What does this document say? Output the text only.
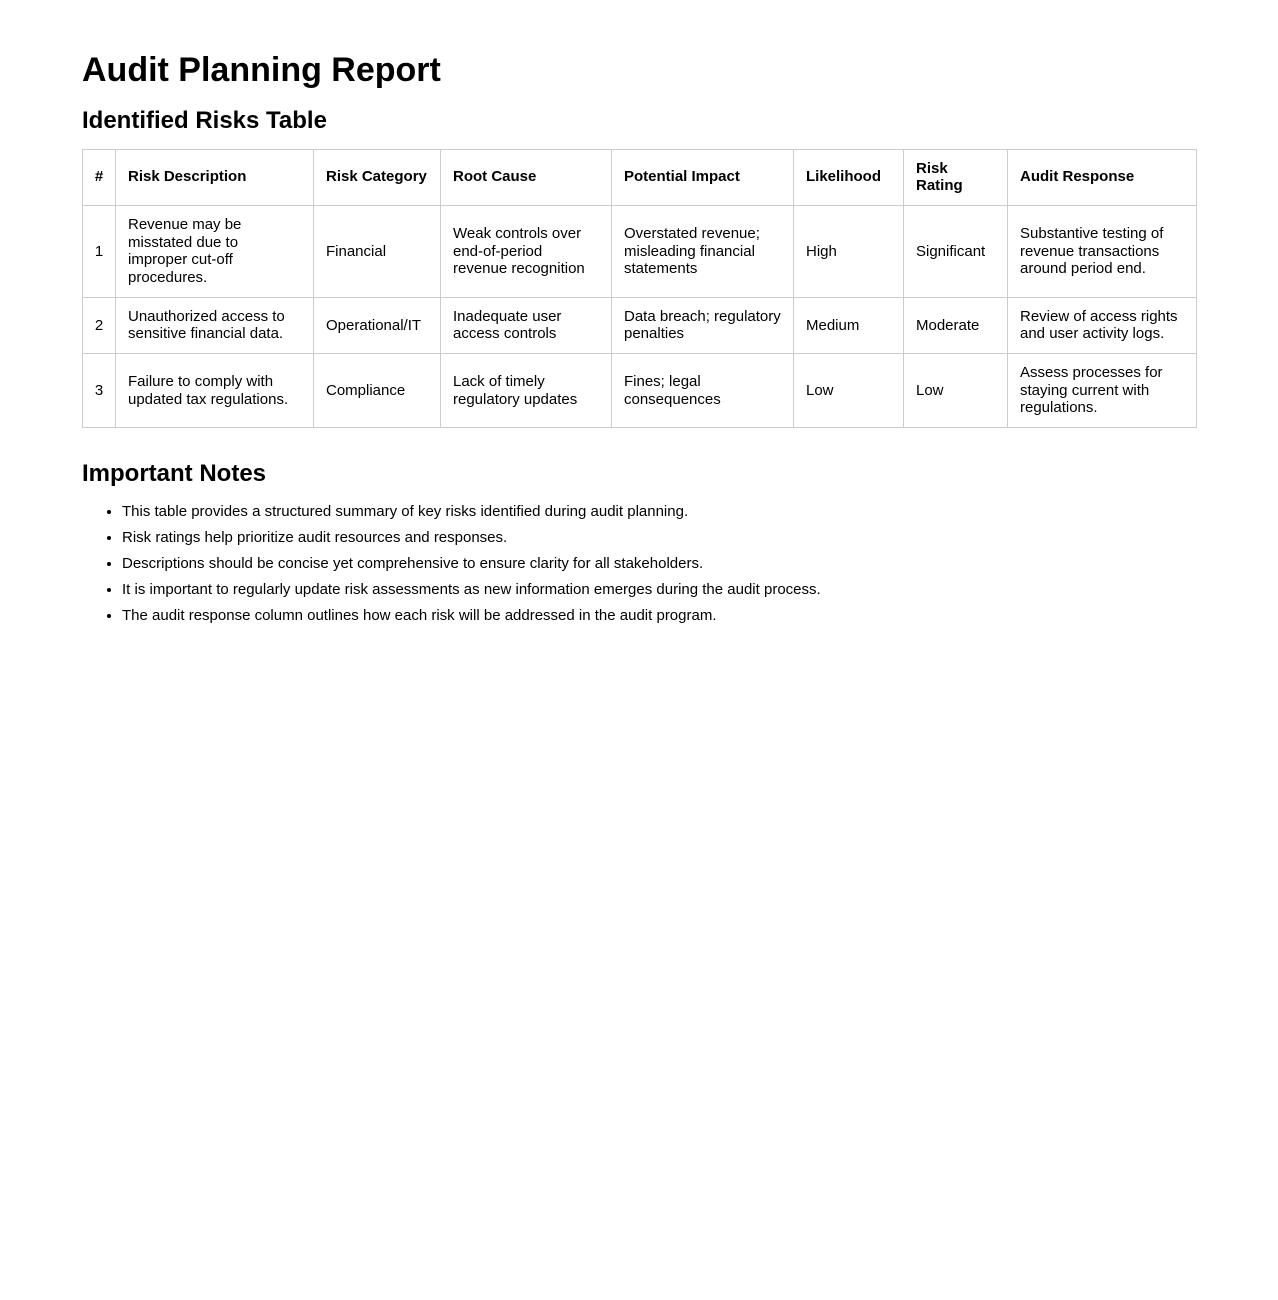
Audit Planning Report
Identified Risks Table
#	Risk Description	Risk Category	Root Cause	Potential Impact	Likelihood	Risk Rating	Audit Response
1	Revenue may be misstated due to improper cut-off procedures.	Financial	Weak controls over end-of-period revenue recognition	Overstated revenue; misleading financial statements	High	Significant	Substantive testing of revenue transactions around period end.
2	Unauthorized access to sensitive financial data.	Operational/IT	Inadequate user access controls	Data breach; regulatory penalties	Medium	Moderate	Review of access rights and user activity logs.
3	Failure to comply with updated tax regulations.	Compliance	Lack of timely regulatory updates	Fines; legal consequences	Low	Low	Assess processes for staying current with regulations.
Important Notes
• This table provides a structured summary of key risks identified during audit planning.
• Risk ratings help prioritize audit resources and responses.
• Descriptions should be concise yet comprehensive to ensure clarity for all stakeholders.
• It is important to regularly update risk assessments as new information emerges during the audit process.
• The audit response column outlines how each risk will be addressed in the audit program.
